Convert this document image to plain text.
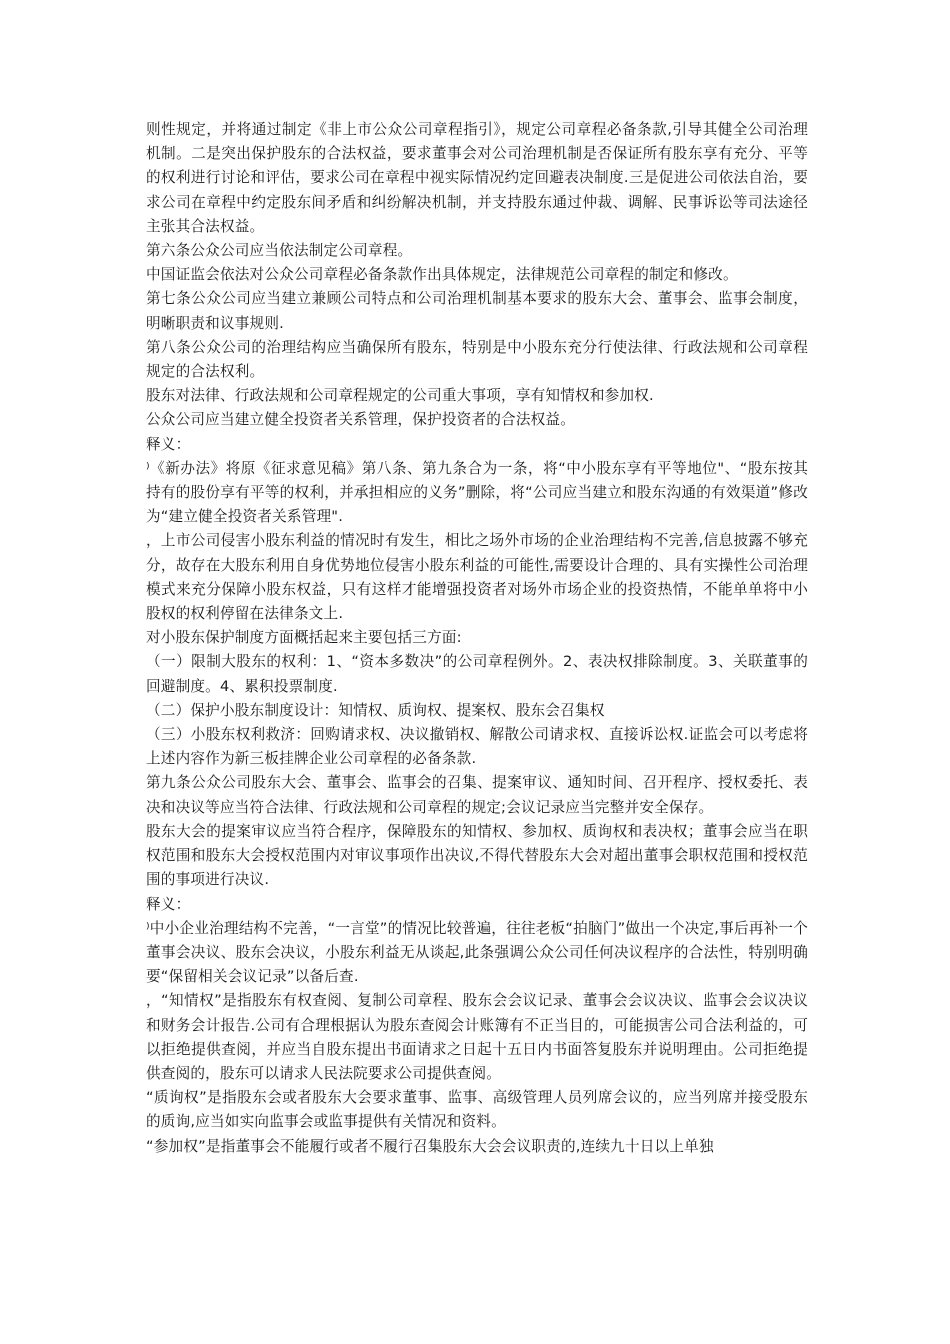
则性规定，并将通过制定《非上市公众公司章程指引》，规定公司章程必备条款,引导其健全公司治理机制。二是突出保护股东的合法权益，要求董事会对公司治理机制是否保证所有股东享有充分、平等的权利进行讨论和评估，要求公司在章程中视实际情况约定回避表决制度.三是促进公司依法自治，要求公司在章程中约定股东间矛盾和纠纷解决机制，并支持股东通过仲裁、调解、民事诉讼等司法途径主张其合法权益。

第六条公众公司应当依法制定公司章程。

中国证监会依法对公众公司章程必备条款作出具体规定，法律规范公司章程的制定和修改。

第七条公众公司应当建立兼顾公司特点和公司治理机制基本要求的股东大会、董事会、监事会制度，明晰职责和议事规则.

第八条公众公司的治理结构应当确保所有股东，特别是中小股东充分行使法律、行政法规和公司章程规定的合法权利。

股东对法律、行政法规和公司章程规定的公司重大事项，享有知情权和参加权.

公众公司应当建立健全投资者关系管理，保护投资者的合法权益。

释义：

⁾《新办法》将原《征求意见稿》第八条、第九条合为一条，将“中小股东享有平等地位"、“股东按其持有的股份享有平等的权利，并承担相应的义务”删除，将“公司应当建立和股东沟通的有效渠道”修改为“建立健全投资者关系管理".

，上市公司侵害小股东利益的情况时有发生，相比之场外市场的企业治理结构不完善,信息披露不够充分，故存在大股东利用自身优势地位侵害小股东利益的可能性,需要设计合理的、具有实操性公司治理模式来充分保障小股东权益，只有这样才能增强投资者对场外市场企业的投资热情，不能单单将中小股权的权利停留在法律条文上.

对小股东保护制度方面概括起来主要包括三方面:

（一）限制大股东的权利：1、“资本多数决”的公司章程例外。2、表决权排除制度。3、关联董事的回避制度。4、累积投票制度.

（二）保护小股东制度设计：知情权、质询权、提案权、股东会召集权

（三）小股东权利救济：回购请求权、决议撤销权、解散公司请求权、直接诉讼权.证监会可以考虑将上述内容作为新三板挂牌企业公司章程的必备条款.

第九条公众公司股东大会、董事会、监事会的召集、提案审议、通知时间、召开程序、授权委托、表决和决议等应当符合法律、行政法规和公司章程的规定;会议记录应当完整并安全保存。

股东大会的提案审议应当符合程序，保障股东的知情权、参加权、质询权和表决权；董事会应当在职权范围和股东大会授权范围内对审议事项作出决议,不得代替股东大会对超出董事会职权范围和授权范围的事项进行决议.

释义：

⁾中小企业治理结构不完善，“一言堂”的情况比较普遍，往往老板“拍脑门”做出一个决定,事后再补一个董事会决议、股东会决议，小股东利益无从谈起,此条强调公众公司任何决议程序的合法性，特别明确要“保留相关会议记录”以备后查.

，“知情权”是指股东有权查阅、复制公司章程、股东会会议记录、董事会会议决议、监事会会议决议和财务会计报告.公司有合理根据认为股东查阅会计账簿有不正当目的，可能损害公司合法利益的，可以拒绝提供查阅，并应当自股东提出书面请求之日起十五日内书面答复股东并说明理由。公司拒绝提供查阅的，股东可以请求人民法院要求公司提供查阅。

“质询权”是指股东会或者股东大会要求董事、监事、高级管理人员列席会议的，应当列席并接受股东的质询,应当如实向监事会或监事提供有关情况和资料。

“参加权”是指董事会不能履行或者不履行召集股东大会会议职责的,连续九十日以上单独
